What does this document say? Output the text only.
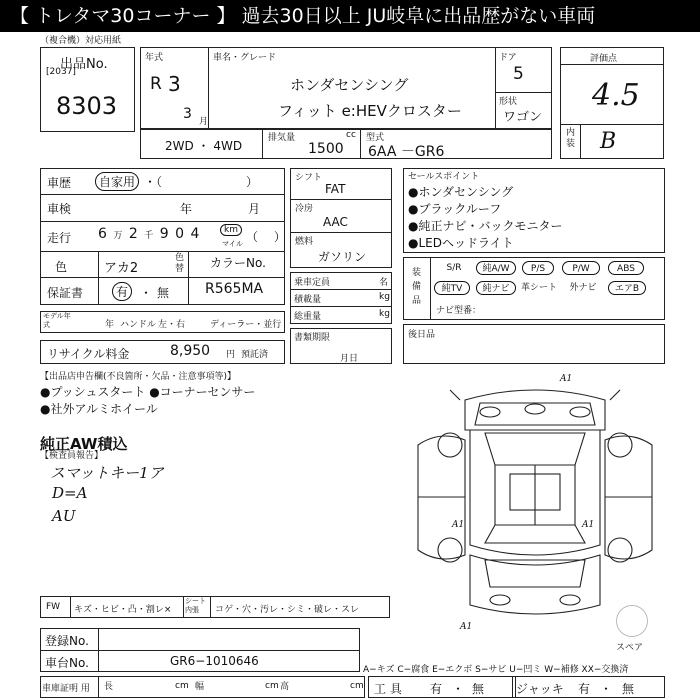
【 トレタマ30コーナー 】 過去30日以上 JU岐阜に出品歴がない車両
（複合機）対応用紙
出品No.
[2037]
8303
年式
R 3
3 月
車名・グレード
ホンダセンシング
フィット e:HEVクロスター
ドア
5
形状
ワゴン
評価点
4.5
内装 B
2WD ・ 4WD
排気量	cc
1500
型式
6AA －GR6
車歴	自家用 ・（　　　　　　　）
車検	年	月
走行 6 万 2 千 9 0 4	km
マイル （　 ）
色	アカ2
色替
保証書	有 ・ 無
カラーNo.
R565MA
モデル年式	年 ハンドル 左・右	ディーラー・並行
リサイクル料金	8,950 円 預託済
シフト
FAT
冷房
AAC
燃料
ガソリン
乗車定員	名
積載量	kg
総重量	kg
書類期限
月日
セールスポイント
●ホンダセンシング
●ブラックルーフ
●純正ナビ・バックモニター
●LEDヘッドライト
装備品
S/R	純A/W	P/S	P/W	ABS
純TV	純ナビ	革シート	外ナビ	エアB
ナビ型番：
後日品
【出品店申告欄(不良箇所・欠品・注意事項等)】
●プッシュスタート ●コーナーセンサー
●社外アルミホイール
純正AW積込
【検査員報告】
スマットキー1ア
D=A
AU
A1
A1	A1
A1
スペア
FW キズ・ヒビ・凸・割レ×
シート内張	コゲ・穴・汚レ・シミ・破レ・スレ
登録No.
車台No.	GR6−1010646
A−キズ C−腐食 E−エクボ S−サビ U−凹ミ W−補修 XX−交換済
車庫証明 用 長	cm 幅	cm 高	cm 工 具 有 ・ 無	ジャッキ 有 ・ 無
